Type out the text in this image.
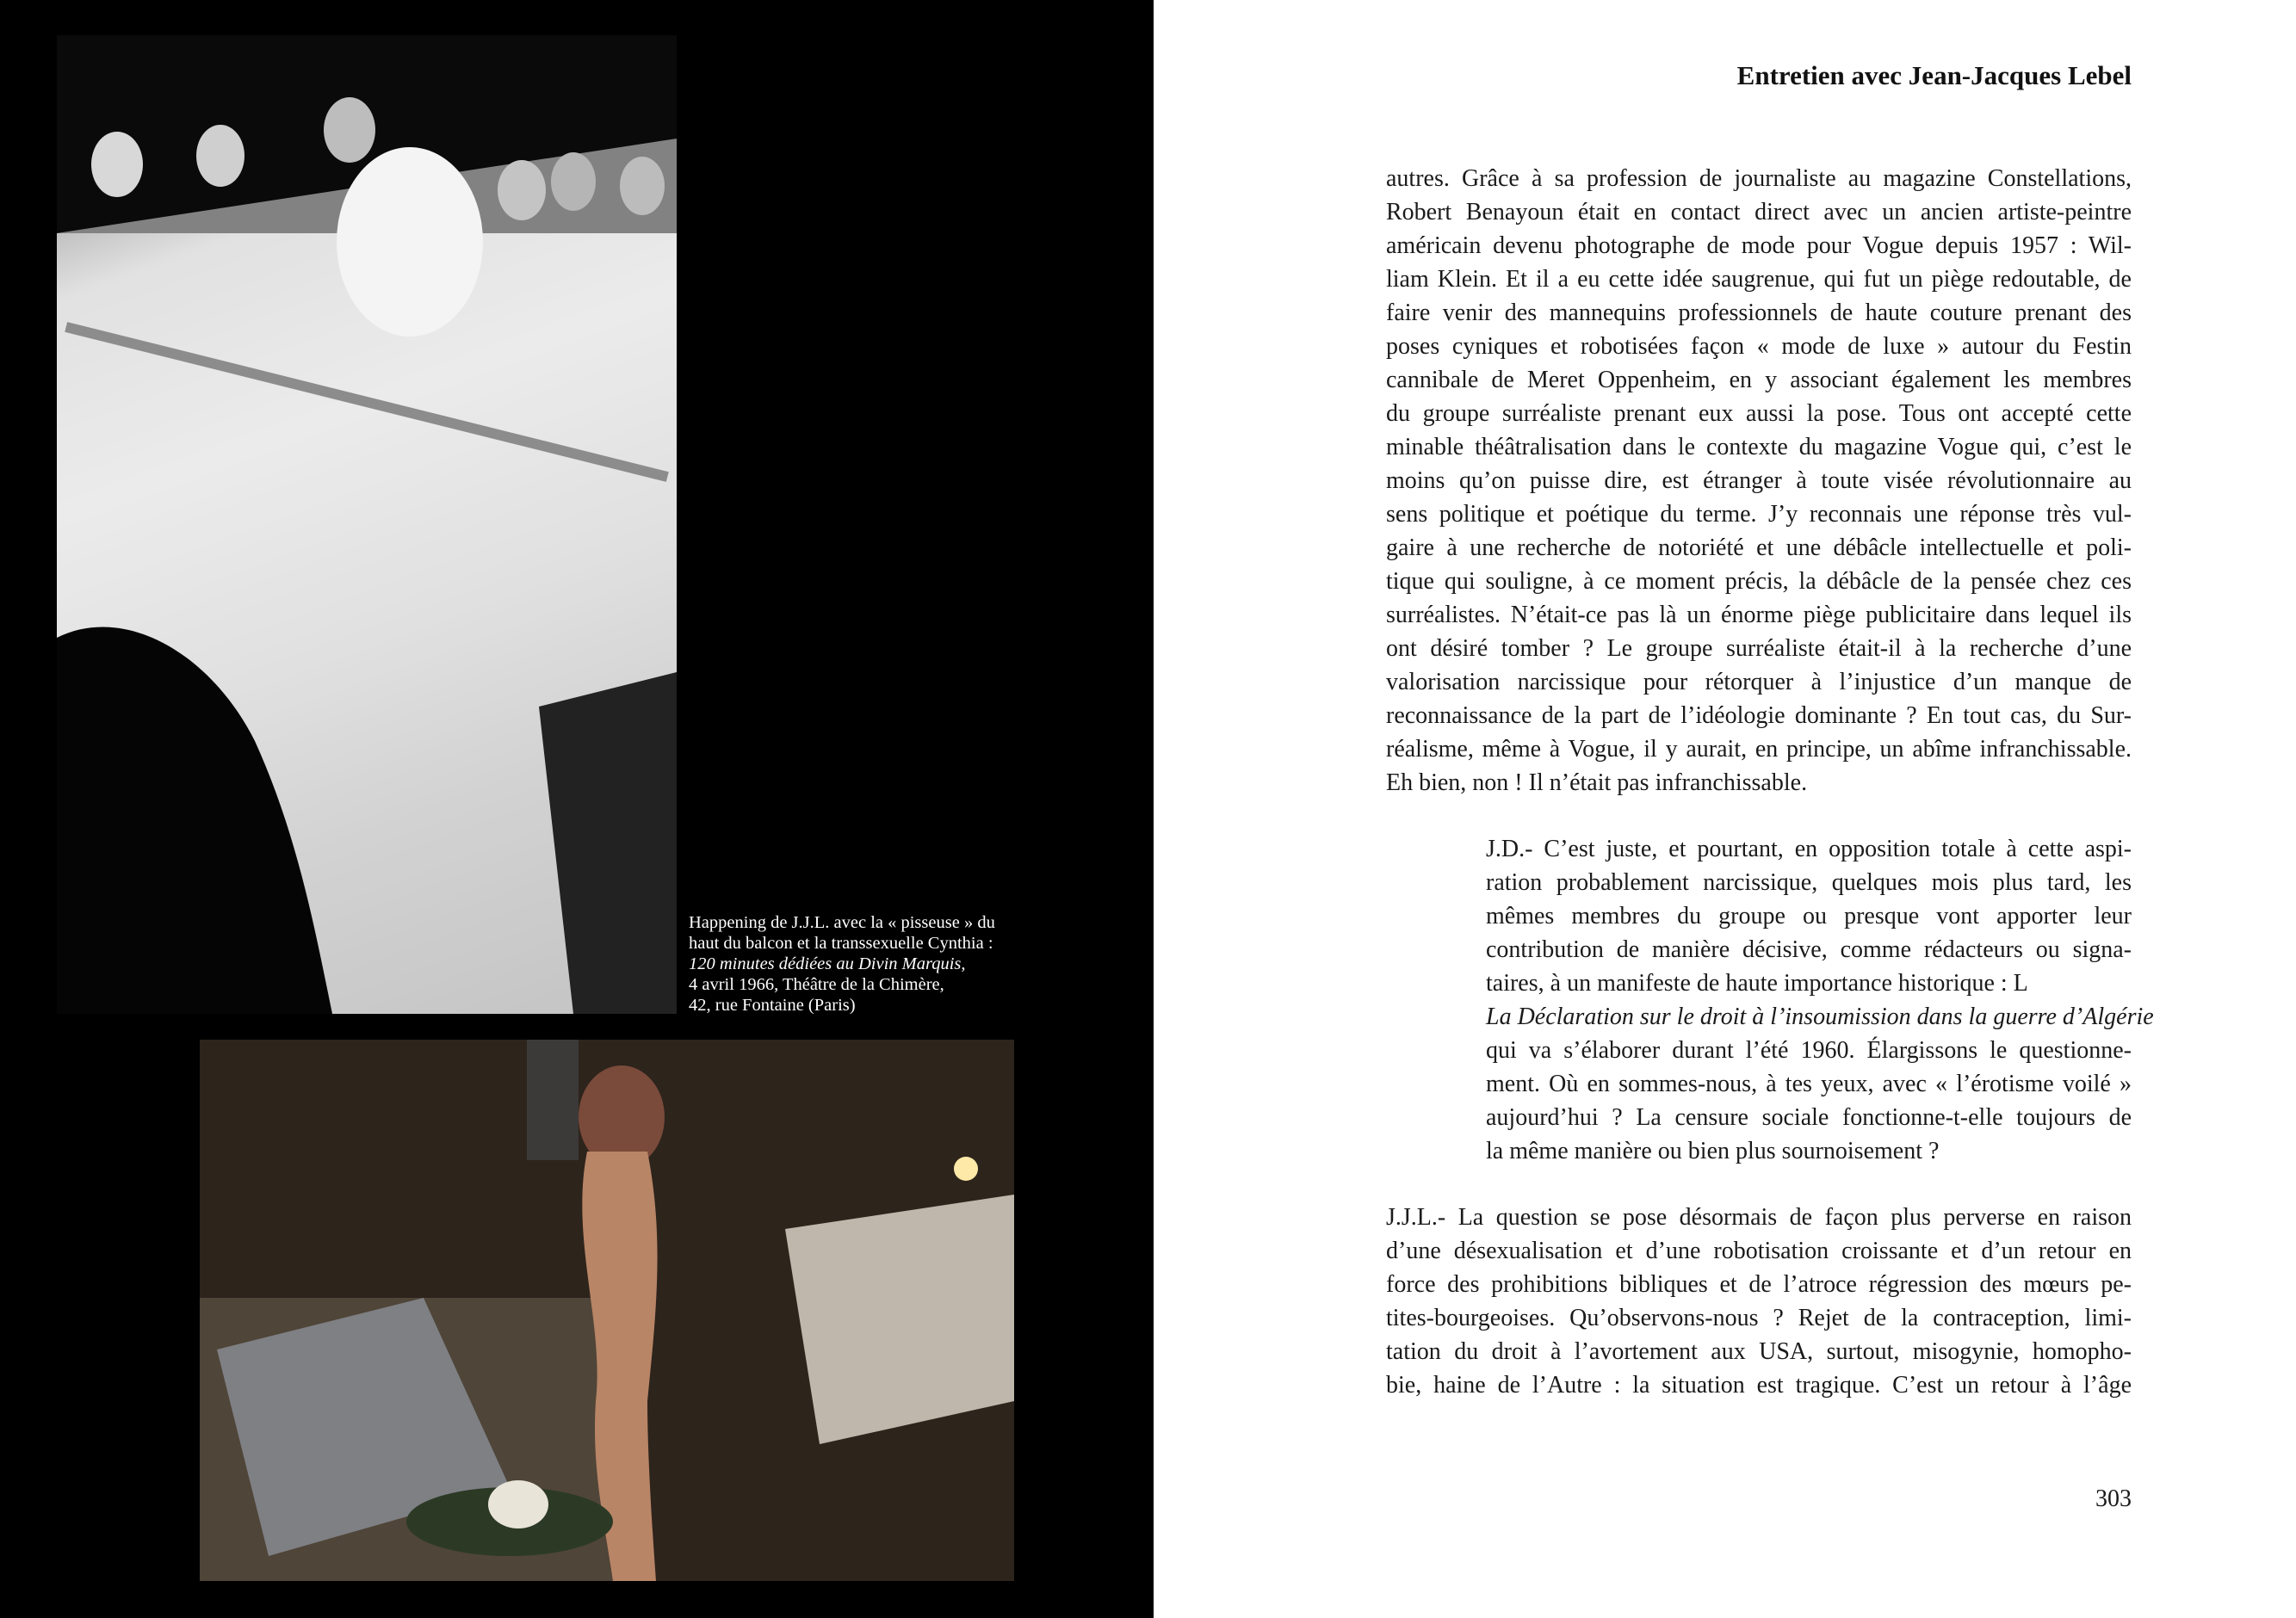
Happening de J.J.L. avec la « pisseuse » du
haut du balcon et la transsexuelle Cynthia :
120 minutes dédiées au Divin Marquis,
4 avril 1966, Théâtre de la Chimère,
42, rue Fontaine (Paris)
Entretien avec Jean-Jacques Lebel
autres. Grâce à sa profession de journaliste au magazine Constellations,
Robert Benayoun était en contact direct avec un ancien artiste-peintre
américain devenu photographe de mode pour Vogue depuis 1957 : Wil-
liam Klein. Et il a eu cette idée saugrenue, qui fut un piège redoutable, de
faire venir des mannequins professionnels de haute couture prenant des
poses cyniques et robotisées façon « mode de luxe » autour du Festin
cannibale de Meret Oppenheim, en y associant également les membres
du groupe surréaliste prenant eux aussi la pose. Tous ont accepté cette
minable théâtralisation dans le contexte du magazine Vogue qui, c’est le
moins qu’on puisse dire, est étranger à toute visée révolutionnaire au
sens politique et poétique du terme. J’y reconnais une réponse très vul-
gaire à une recherche de notoriété et une débâcle intellectuelle et poli-
tique qui souligne, à ce moment précis, la débâcle de la pensée chez ces
surréalistes. N’était-ce pas là un énorme piège publicitaire dans lequel ils
ont désiré tomber ? Le groupe surréaliste était-il à la recherche d’une
valorisation narcissique pour rétorquer à l’injustice d’un manque de
reconnaissance de la part de l’idéologie dominante ? En tout cas, du Sur-
réalisme, même à Vogue, il y aurait, en principe, un abîme infranchissable.
Eh bien, non ! Il n’était pas infranchissable.
J.D.- C’est juste, et pourtant, en opposition totale à cette aspi-
ration probablement narcissique, quelques mois plus tard, les
mêmes membres du groupe ou presque vont apporter leur
contribution de manière décisive, comme rédacteurs ou signa-
taires, à un manifeste de haute importance historique : L
La Déclaration sur le droit à l’insoumission dans la guerre d’Algérie
qui va s’élaborer durant l’été 1960. Élargissons le questionne-
ment. Où en sommes-nous, à tes yeux, avec « l’érotisme voilé »
aujourd’hui ? La censure sociale fonctionne-t-elle toujours de
la même manière ou bien plus sournoisement ?
J.J.L.- La question se pose désormais de façon plus perverse en raison
d’une désexualisation et d’une robotisation croissante et d’un retour en
force des prohibitions bibliques et de l’atroce régression des mœurs pe-
tites-bourgeoises. Qu’observons-nous ? Rejet de la contraception, limi-
tation du droit à l’avortement aux USA, surtout, misogynie, homopho-
bie, haine de l’Autre : la situation est tragique. C’est un retour à l’âge
303
